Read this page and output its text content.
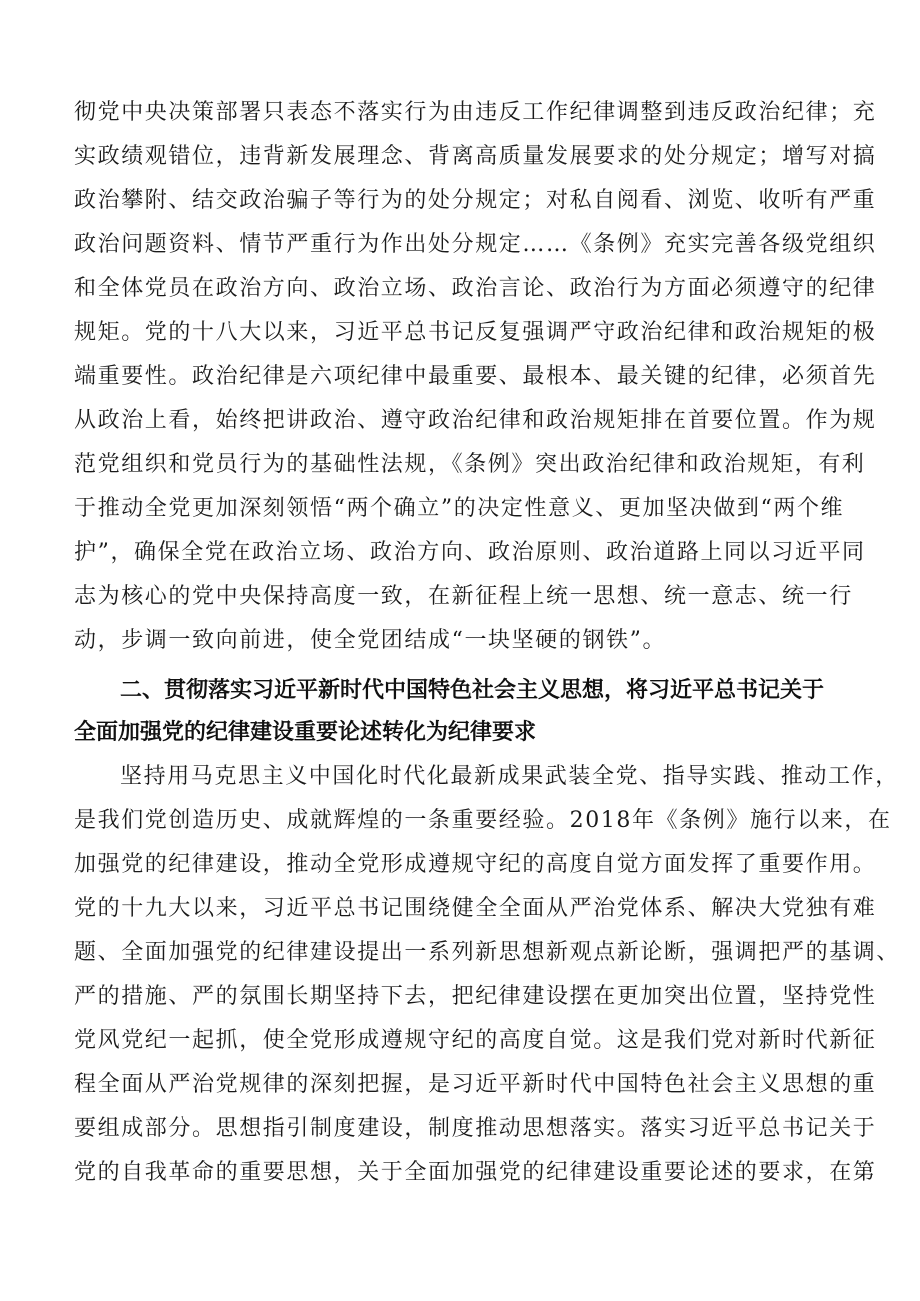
彻党中央决策部署只表态不落实行为由违反工作纪律调整到违反政治纪律；充
实政绩观错位，违背新发展理念、背离高质量发展要求的处分规定；增写对搞
政治攀附、结交政治骗子等行为的处分规定；对私自阅看、浏览、收听有严重
政治问题资料、情节严重行为作出处分规定……《条例》充实完善各级党组织
和全体党员在政治方向、政治立场、政治言论、政治行为方面必须遵守的纪律
规矩。党的十八大以来，习近平总书记反复强调严守政治纪律和政治规矩的极
端重要性。政治纪律是六项纪律中最重要、最根本、最关键的纪律，必须首先
从政治上看，始终把讲政治、遵守政治纪律和政治规矩排在首要位置。作为规
范党组织和党员行为的基础性法规，《条例》突出政治纪律和政治规矩，有利
于推动全党更加深刻领悟“两个确立”的决定性意义、更加坚决做到“两个维
护”，确保全党在政治立场、政治方向、政治原则、政治道路上同以习近平同
志为核心的党中央保持高度一致，在新征程上统一思想、统一意志、统一行
动，步调一致向前进，使全党团结成“一块坚硬的钢铁”。
二、贯彻落实习近平新时代中国特色社会主义思想，将习近平总书记关于
全面加强党的纪律建设重要论述转化为纪律要求
坚持用马克思主义中国化时代化最新成果武装全党、指导实践、推动工作，
是我们党创造历史、成就辉煌的一条重要经验。2018年《条例》施行以来，在
加强党的纪律建设，推动全党形成遵规守纪的高度自觉方面发挥了重要作用。
党的十九大以来，习近平总书记围绕健全全面从严治党体系、解决大党独有难
题、全面加强党的纪律建设提出一系列新思想新观点新论断，强调把严的基调、
严的措施、严的氛围长期坚持下去，把纪律建设摆在更加突出位置，坚持党性
党风党纪一起抓，使全党形成遵规守纪的高度自觉。这是我们党对新时代新征
程全面从严治党规律的深刻把握，是习近平新时代中国特色社会主义思想的重
要组成部分。思想指引制度建设，制度推动思想落实。落实习近平总书记关于
党的自我革命的重要思想，关于全面加强党的纪律建设重要论述的要求，在第
